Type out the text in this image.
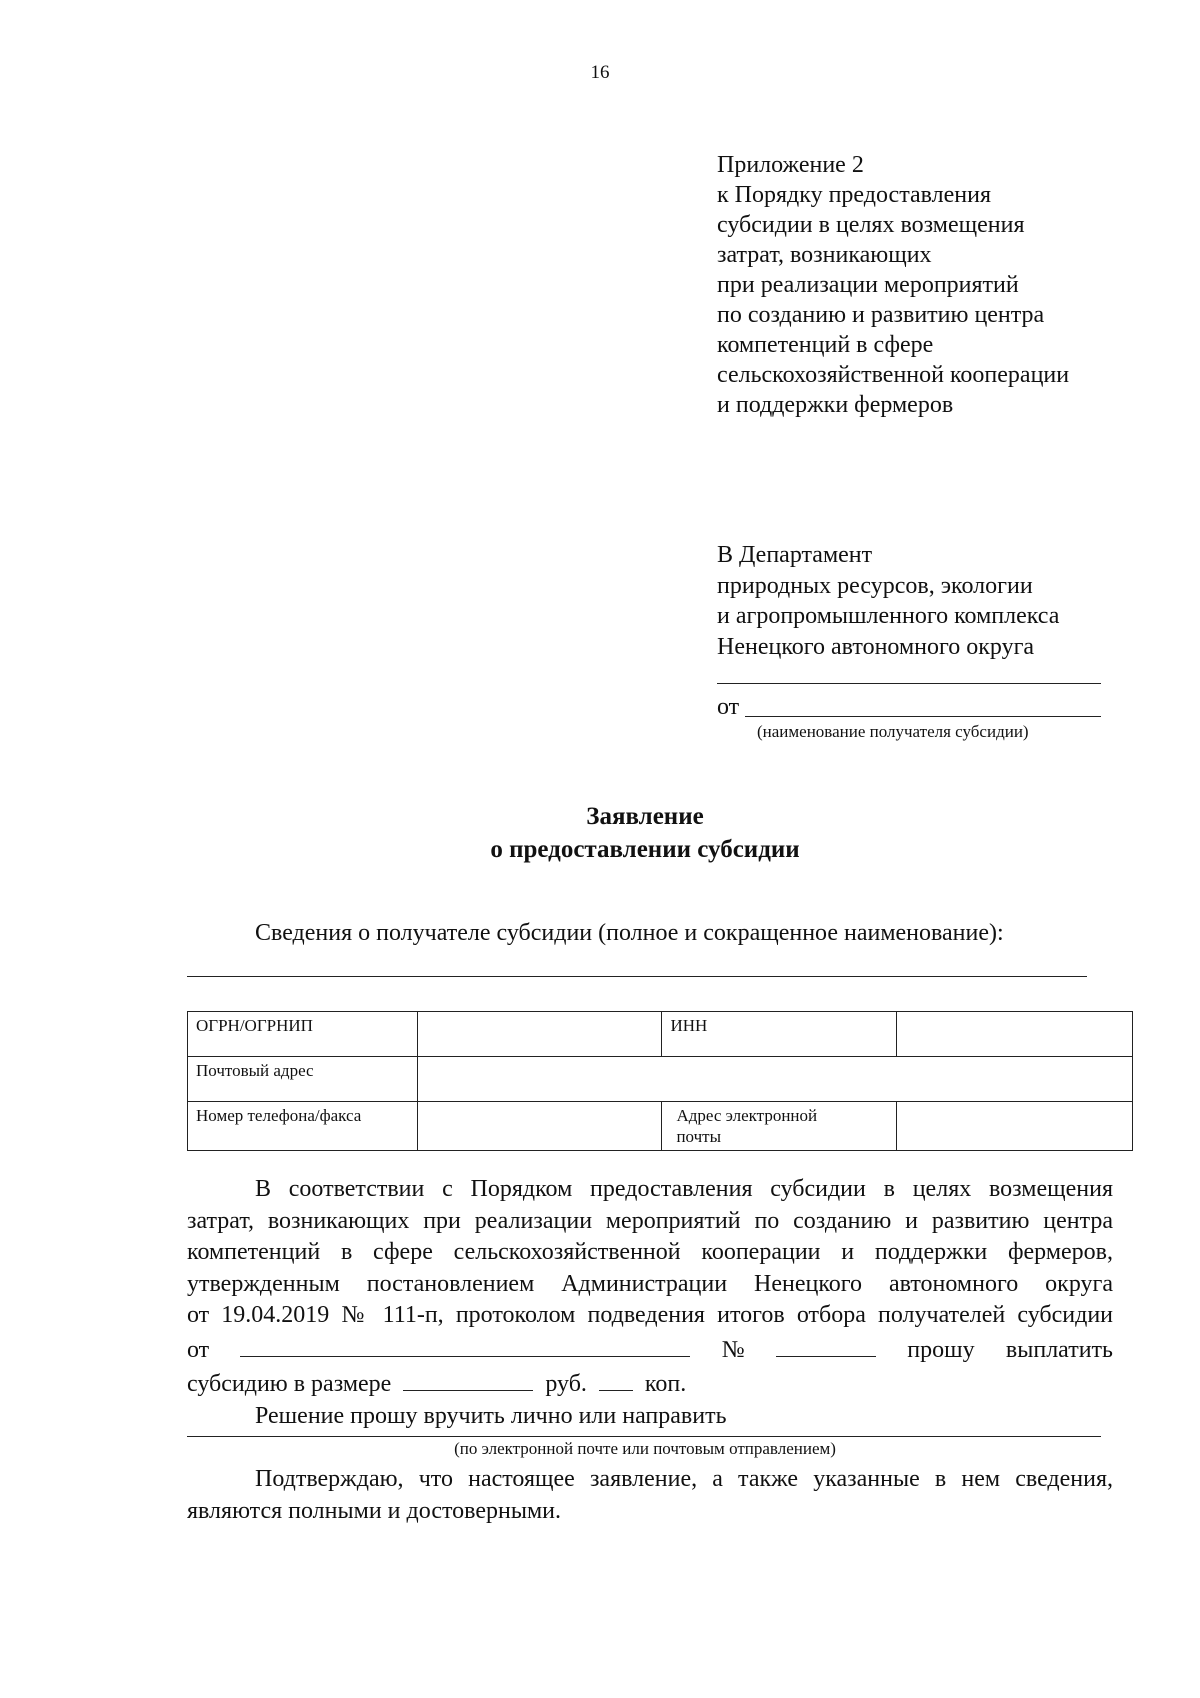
16
Приложение 2
к Порядку предоставления
субсидии в целях возмещения
затрат, возникающих
при реализации мероприятий
по созданию и развитию центра
компетенций в сфере
сельскохозяйственной кооперации
и поддержки фермеров
В Департамент
природных ресурсов, экологии
и агропромышленного комплекса
Ненецкого автономного округа
от
(наименование получателя субсидии)
Заявление
о предоставлении субсидии
Сведения о получателе субсидии (полное и сокращенное наименование):
ОГРН/ОГРНИП		ИНН	
Почтовый адрес			
Номер телефона/факса		Адрес электронной почты	
В соответствии с Порядком предоставления субсидии в целях возмещения
затрат, возникающих при реализации мероприятий по созданию и развитию центра
компетенций в сфере сельскохозяйственной кооперации и поддержки фермеров,
утвержденным постановлением Администрации Ненецкого автономного округа
от 19.04.2019 № 111-п, протоколом подведения итогов отбора получателей субсидии
от	№	прошу выплатить
субсидию в размере	руб. коп.
Решение прошу вручить лично или направить
(по электронной почте или почтовым отправлением)
Подтверждаю, что настоящее заявление, а также указанные в нем сведения,
являются полными и достоверными.
